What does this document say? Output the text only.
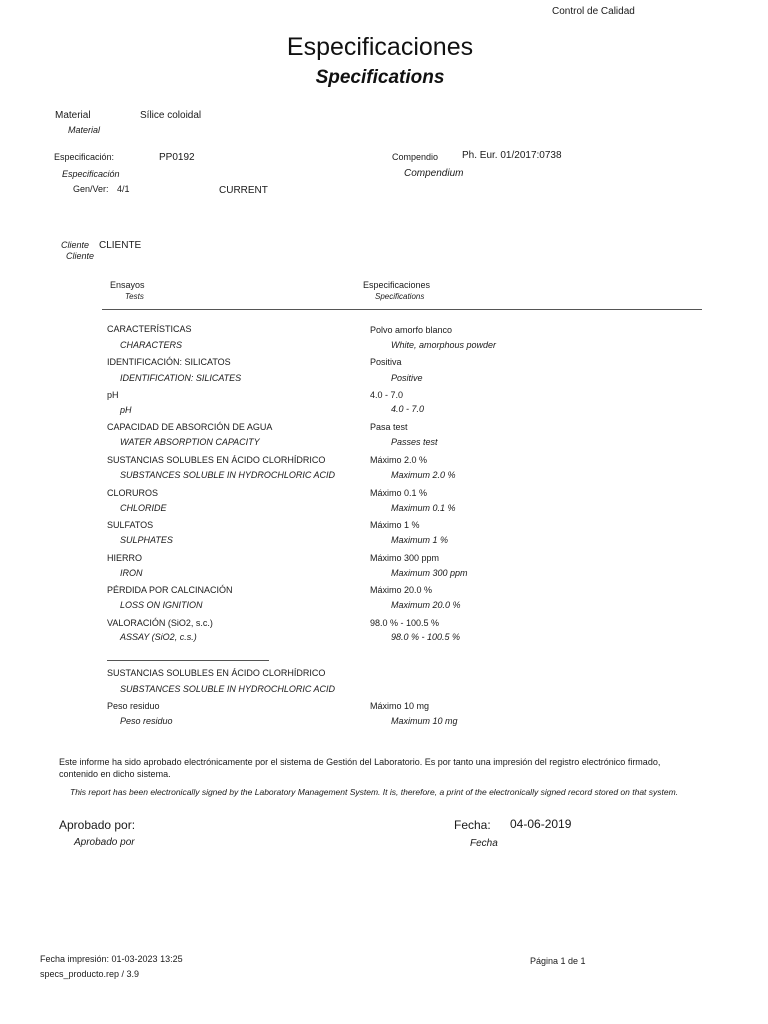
Control de Calidad
Especificaciones
Specifications
Material
Material
Sílice coloidal
Especificación:
Especificación
PP0192	Compendio
Compendium
Ph. Eur. 01/2017:0738
Gen/Ver: 4/1	CURRENT
Cliente
Cliente
CLIENTE
Ensayos
Tests
Especificaciones
Specifications
CARACTERÍSTICAS
CHARACTERS
Polvo amorfo blanco
White, amorphous powder
IDENTIFICACIÓN: SILICATOS
IDENTIFICATION: SILICATES
Positiva
Positive
pH
pH
4.0 - 7.0
4.0 - 7.0
CAPACIDAD DE ABSORCIÓN DE AGUA
WATER ABSORPTION CAPACITY
Pasa test
Passes test
SUSTANCIAS SOLUBLES EN ÁCIDO CLORHÍDRICO
SUBSTANCES SOLUBLE IN HYDROCHLORIC ACID
Máximo 2.0 %
Maximum 2.0 %
CLORUROS
CHLORIDE
Máximo 0.1 %
Maximum 0.1 %
SULFATOS
SULPHATES
Máximo 1 %
Maximum 1 %
HIERRO
IRON
Máximo 300 ppm
Maximum 300 ppm
PÉRDIDA POR CALCINACIÓN
LOSS ON IGNITION
Máximo 20.0 %
Maximum 20.0 %
VALORACIÓN (SiO2, s.c.)
ASSAY (SiO2, c.s.)
98.0 % - 100.5 %
98.0 % - 100.5 %
SUSTANCIAS SOLUBLES EN ÁCIDO CLORHÍDRICO
SUBSTANCES SOLUBLE IN HYDROCHLORIC ACID
Peso residuo
Peso residuo
Máximo 10 mg
Maximum 10 mg
Este informe ha sido aprobado electrónicamente por el sistema de Gestión del Laboratorio. Es por tanto una impresión del registro electrónico firmado, contenido en dicho sistema.
This report has been electronically signed by the Laboratory Management System. It is, therefore, a print of the electronically signed record stored on that system.
Aprobado por:
Aprobado por
Fecha:
Fecha
04-06-2019
Fecha impresión: 01-03-2023 13:25
specs_producto.rep / 3.9
Página 1 de 1
